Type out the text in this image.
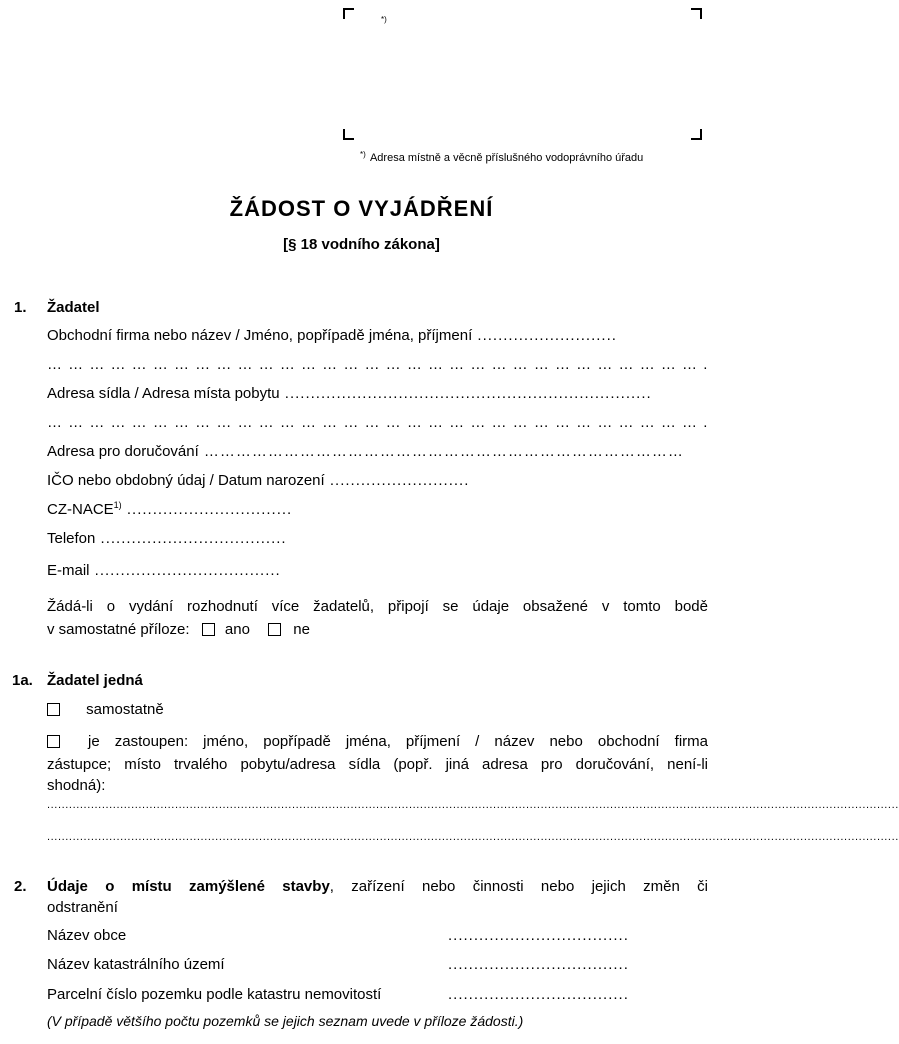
*)
*) Adresa místně a věcně příslušného vodoprávního úřadu
ŽÁDOST O VYJÁDŘENÍ
[§ 18 vodního zákona]
1. Žadatel
Obchodní firma nebo název / Jméno, popřípadě jména, příjmení ...........................
… … … … … … … … … … … … … … … … … … … … … … … … … … … … … … … .
Adresa sídla / Adresa místa pobytu .......................................................................
… … … … … … … … … … … … … … … … … … … … … … … … … … … … … … … .
Adresa pro doručování ………………………………………………………………………………
IČO nebo obdobný údaj / Datum narození ...........................
CZ-NACE$^{1)}$ ................................
Telefon ....................................
E-mail ....................................
Žádá-li o vydání rozhodnutí více žadatelů, připojí se údaje obsažené v tomto bodě
v samostatné příloze: ano	ne
1a. Žadatel jedná
samostatně
je zastoupen: jméno, popřípadě jména, příjmení / název nebo obchodní firma
zástupce; místo trvalého pobytu/adresa sídla (popř. jiná adresa pro doručování, není-li
shodná):
.........................................................................................................................................................................................................................................
.........................................................................................................................................................................................................................................
2. Údaje o místu zamýšlené stavby, zařízení nebo činnosti nebo jejich změn či
odstranění
Název obce	...................................
Název katastrálního území	...................................
Parcelní číslo pozemku podle katastru nemovitostí	...................................
(V případě většího počtu pozemků se jejich seznam uvede v příloze žádosti.)
